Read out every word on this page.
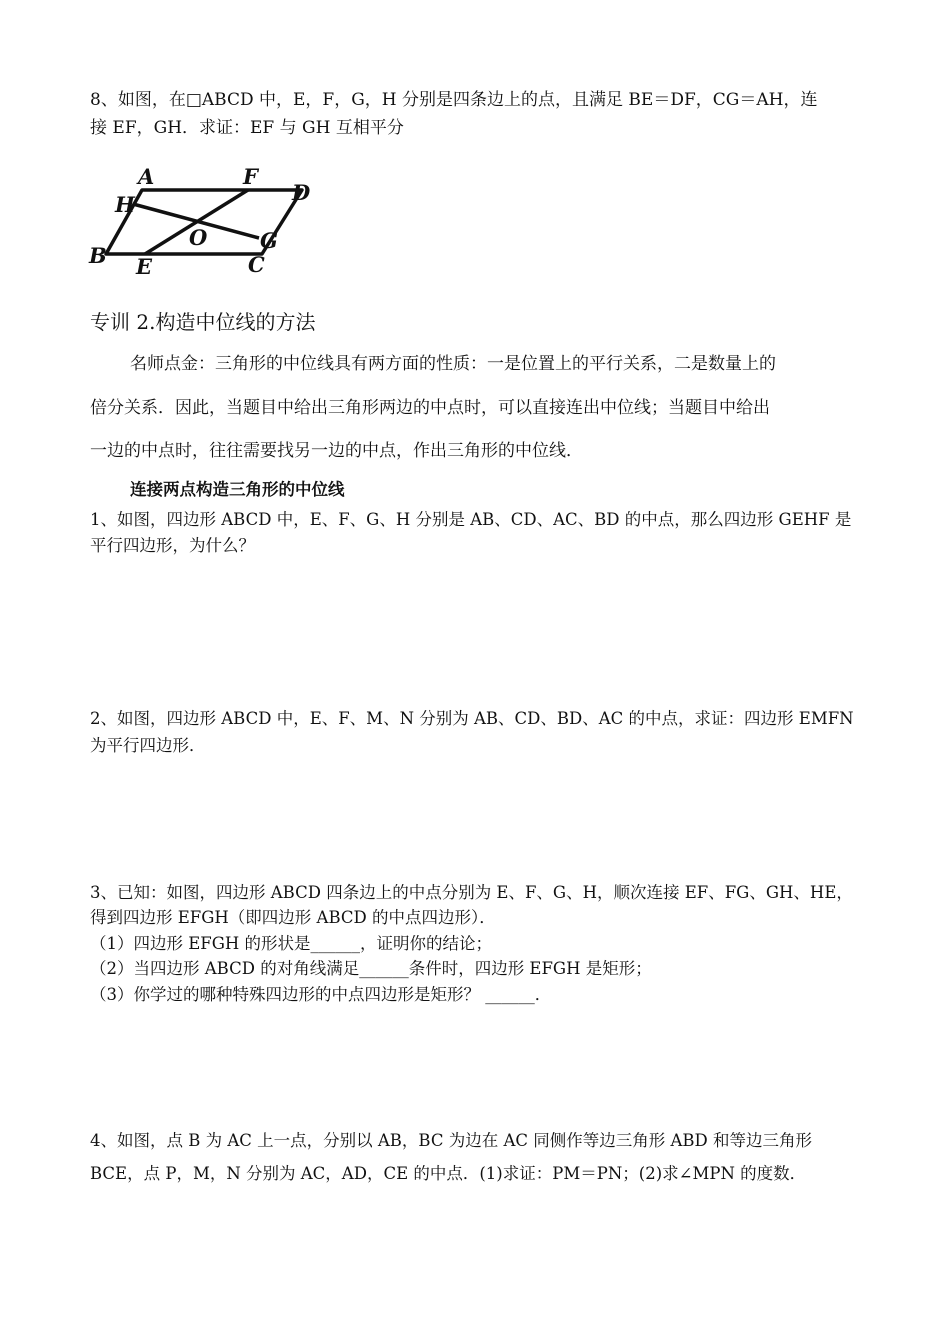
8、如图，在□ABCD 中，E，F，G，H 分别是四条边上的点，且满足 BE＝DF，CG＝AH，连
接 EF，GH．求证：EF 与 GH 互相平分
A	F
D
H
O	G
B E	C
专训 2.构造中位线的方法
名师点金：三角形的中位线具有两方面的性质：一是位置上的平行关系，二是数量上的
倍分关系．因此，当题目中给出三角形两边的中点时，可以直接连出中位线；当题目中给出
一边的中点时，往往需要找另一边的中点，作出三角形的中位线．
连接两点构造三角形的中位线
1、如图，四边形 ABCD 中，E、F、G、H 分别是 AB、CD、AC、BD 的中点，那么四边形 GEHF 是
平行四边形，为什么？
2、如图，四边形 ABCD 中，E、F、M、N 分别为 AB、CD、BD、AC 的中点，求证：四边形 EMFN
为平行四边形．
3、已知：如图，四边形 ABCD 四条边上的中点分别为 E、F、G、H，顺次连接 EF、FG、GH、HE，
得到四边形 EFGH（即四边形 ABCD 的中点四边形）．
（1）四边形 EFGH 的形状是______，证明你的结论；
（2）当四边形 ABCD 的对角线满足______条件时，四边形 EFGH 是矩形；
（3）你学过的哪种特殊四边形的中点四边形是矩形？ ______．
4、如图，点 B 为 AC 上一点，分别以 AB，BC 为边在 AC 同侧作等边三角形 ABD 和等边三角形
BCE，点 P，M，N 分别为 AC，AD，CE 的中点．(1)求证：PM＝PN；(2)求∠MPN 的度数．
